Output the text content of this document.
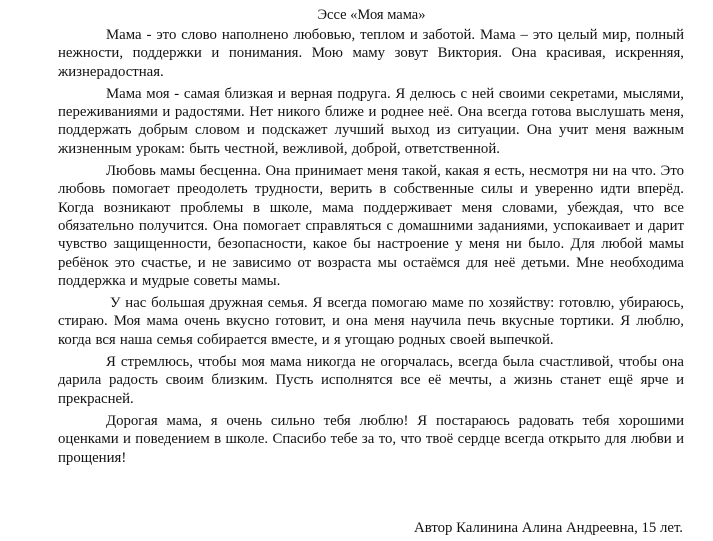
Эссе «Моя мама»

Мама - это слово наполнено любовью, теплом и заботой. Мама – это целый мир, полный нежности, поддержки и понимания. Мою маму зовут Виктория. Она красивая, искренняя, жизнерадостная.

Мама моя - самая близкая и верная подруга. Я делюсь с ней своими секретами, мыслями, переживаниями и радостями. Нет никого ближе и роднее неё. Она всегда готова выслушать меня, поддержать добрым словом и подскажет лучший выход из ситуации. Она учит меня важным жизненным урокам: быть честной, вежливой, доброй, ответственной.

Любовь мамы бесценна. Она принимает меня такой, какая я есть, несмотря ни на что. Это любовь помогает преодолеть трудности, верить в собственные силы и уверенно идти вперёд. Когда возникают проблемы в школе, мама поддерживает меня словами, убеждая, что все обязательно получится. Она помогает справляться с домашними заданиями, успокаивает и дарит чувство защищенности, безопасности, какое бы настроение у меня ни было. Для любой мамы ребёнок это счастье, и не зависимо от возраста мы остаёмся для неё детьми. Мне необходима поддержка и мудрые советы мамы.

У нас большая дружная семья. Я всегда помогаю маме по хозяйству: готовлю, убираюсь, стираю. Моя мама очень вкусно готовит, и она меня научила печь вкусные тортики. Я люблю, когда вся наша семья собирается вместе, и я угощаю родных своей выпечкой.

Я стремлюсь, чтобы моя мама никогда не огорчалась, всегда была счастливой, чтобы она дарила радость своим близким. Пусть исполнятся все её мечты, а жизнь станет ещё ярче и прекрасней.

Дорогая мама, я очень сильно тебя люблю! Я постараюсь радовать тебя хорошими оценками и поведением в школе. Спасибо тебе за то, что твоё сердце всегда открыто для любви и прощения!

Автор Калинина Алина Андреевна, 15 лет.
